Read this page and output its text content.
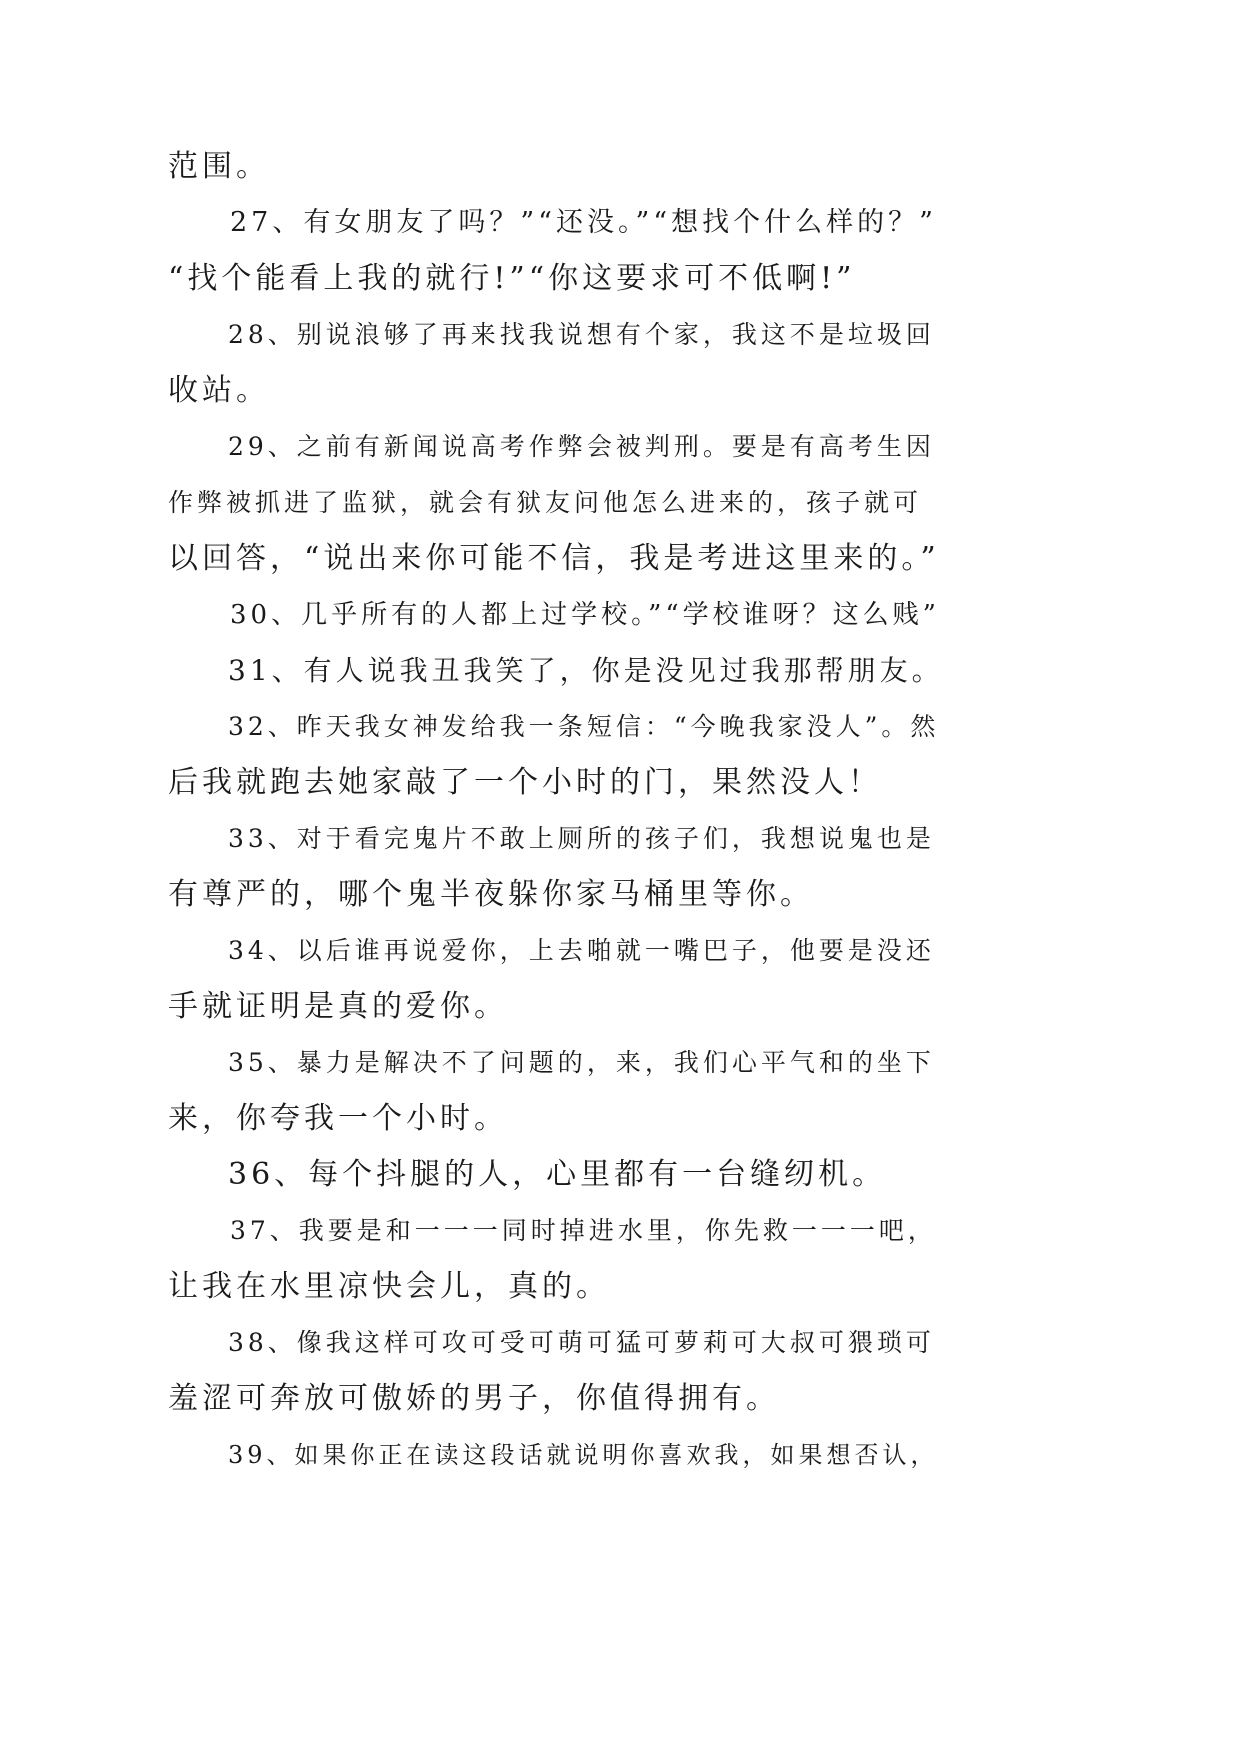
范围。
27、有女朋友了吗？”“还没。”“想找个什么样的？”
“找个能看上我的就行!”“你这要求可不低啊!”
28、别说浪够了再来找我说想有个家，我这不是垃圾回
收站。
29、之前有新闻说高考作弊会被判刑。要是有高考生因
作弊被抓进了监狱，就会有狱友问他怎么进来的，孩子就可
以回答，“说出来你可能不信，我是考进这里来的。”
30、几乎所有的人都上过学校。”“学校谁呀？这么贱”
31、有人说我丑我笑了，你是没见过我那帮朋友。
32、昨天我女神发给我一条短信：“今晚我家没人”。然
后我就跑去她家敲了一个小时的门，果然没人！
33、对于看完鬼片不敢上厕所的孩子们，我想说鬼也是
有尊严的，哪个鬼半夜躲你家马桶里等你。
34、以后谁再说爱你，上去啪就一嘴巴子，他要是没还
手就证明是真的爱你。
35、暴力是解决不了问题的，来，我们心平气和的坐下
来，你夸我一个小时。
36、每个抖腿的人，心里都有一台缝纫机。
37、我要是和一一一同时掉进水里，你先救一一一吧，
让我在水里凉快会儿，真的。
38、像我这样可攻可受可萌可猛可萝莉可大叔可猥琐可
羞涩可奔放可傲娇的男子，你值得拥有。
39、如果你正在读这段话就说明你喜欢我，如果想否认，
